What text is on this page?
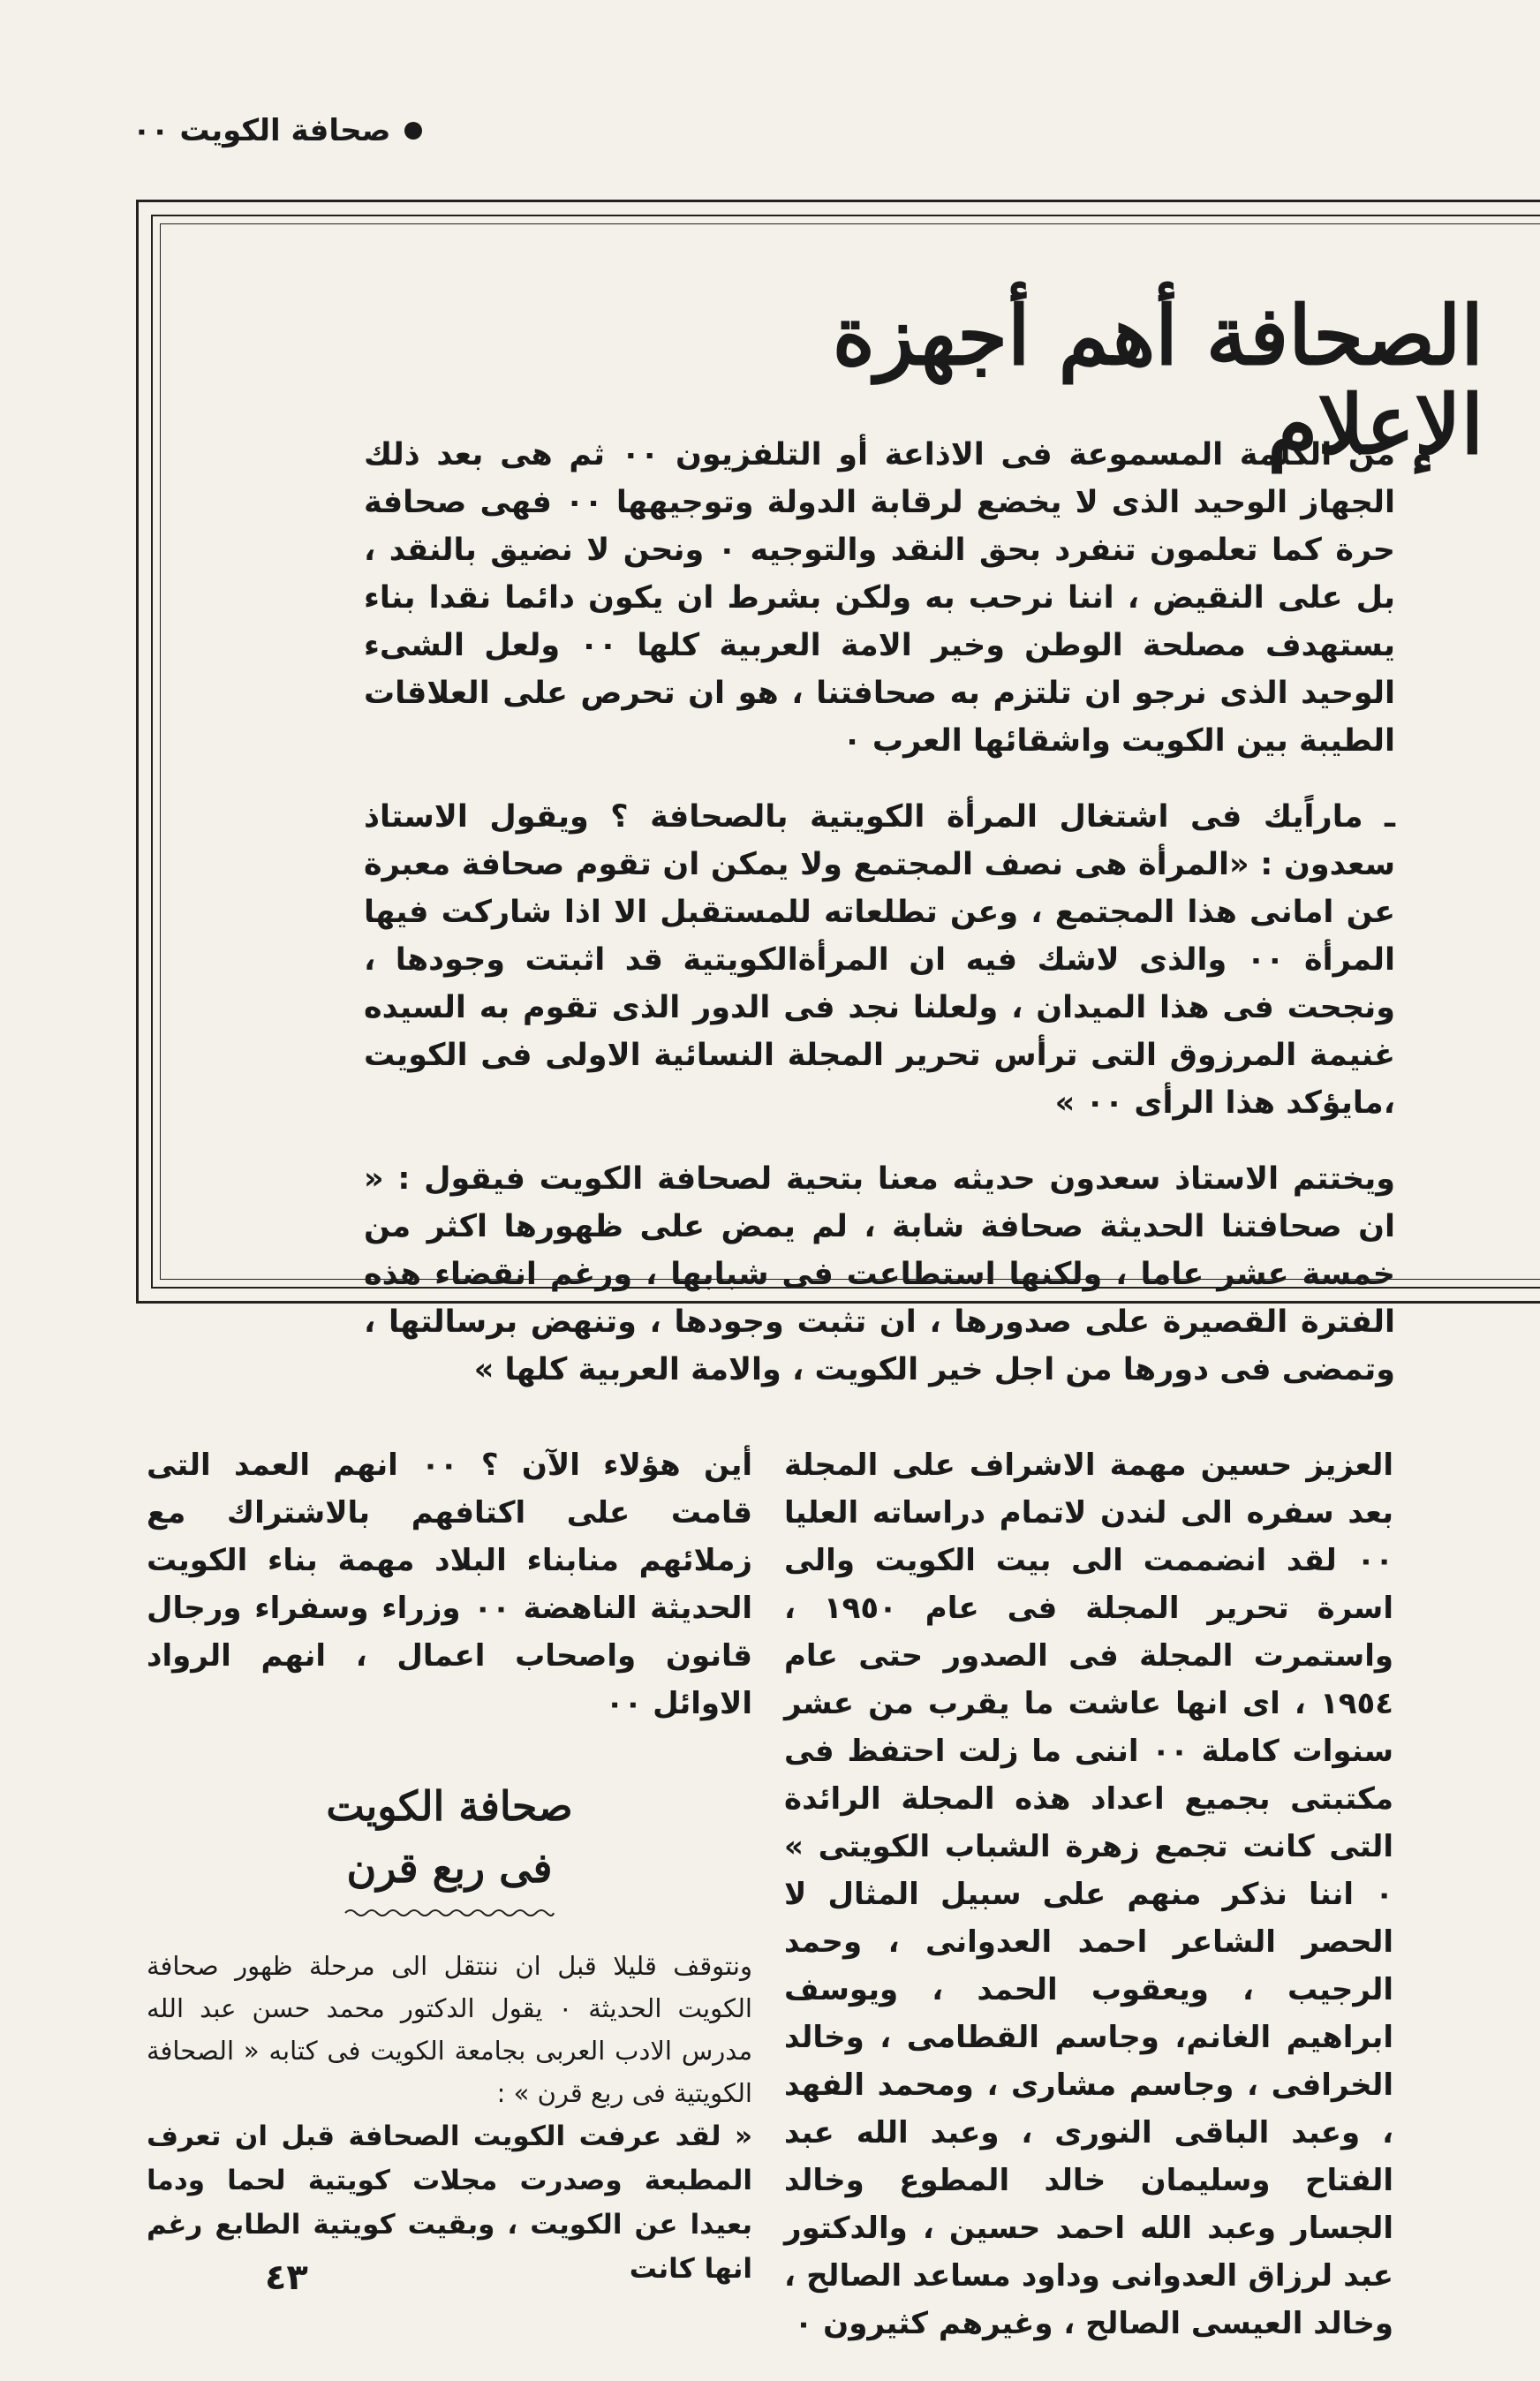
صحافة الكويت ٠٠
الصحافة أهم أجهزة الإعلام

من الكلمة المسموعة فى الاذاعة أو التلفزيون ٠٠ ثم هى بعد ذلك الجهاز الوحيد الذى لا يخضع لرقابة الدولة وتوجيهها ٠٠ فهى صحافة حرة كما تعلمون تنفرد بحق النقد والتوجيه ٠ ونحن لا نضيق بالنقد ، بل على النقيض ، اننا نرحب به ولكن بشرط ان يكون دائما نقدا بناء يستهدف مصلحة الوطن وخير الامة العربية كلها ٠٠ ولعل الشىء الوحيد الذى نرجو ان تلتزم به صحافتنا ، هو ان تحرص على العلاقات الطيبة بين الكويت واشقائها العرب ٠

ـ ماراًيك فى اشتغال المرأة الكويتية بالصحافة ؟ ويقول الاستاذ سعدون : «المرأة هى نصف المجتمع ولا يمكن ان تقوم صحافة معبرة عن امانى هذا المجتمع ، وعن تطلعاته للمستقبل الا اذا شاركت فيها المرأة ٠٠ والذى لاشك فيه ان المرأةالكويتية قد اثبتت وجودها ، ونجحت فى هذا الميدان ، ولعلنا نجد فى الدور الذى تقوم به السيده غنيمة المرزوق التى ترأس تحرير المجلة النسائية الاولى فى الكويت ،مايؤكد هذا الرأى ٠٠ »

ويختتم الاستاذ سعدون حديثه معنا بتحية لصحافة الكويت فيقول : « ان صحافتنا الحديثة صحافة شابة ، لم يمض على ظهورها اكثر من خمسة عشر عاما ، ولكنها استطاعت فى شبابها ، ورغم انقضاء هذه الفترة القصيرة على صدورها ، ان تثبت وجودها ، وتنهض برسالتها ، وتمضى فى دورها من اجل خير الكويت ، والامة العربية كلها »

العزيز حسين مهمة الاشراف على المجلة بعد سفره الى لندن لاتمام دراساته العليا ٠٠ لقد انضممت الى بيت الكويت والى اسرة تحرير المجلة فى عام ١٩٥٠ ، واستمرت المجلة فى الصدور حتى عام ١٩٥٤ ، اى انها عاشت ما يقرب من عشر سنوات كاملة ٠٠ اننى ما زلت احتفظ فى مكتبتى بجميع اعداد هذه المجلة الرائدة التى كانت تجمع زهرة الشباب الكويتى » ٠ اننا نذكر منهم على سبيل المثال لا الحصر الشاعر احمد العدوانى ، وحمد الرجيب ، ويعقوب الحمد ، ويوسف ابراهيم الغانم، وجاسم القطامى ، وخالد الخرافى ، وجاسم مشارى ، ومحمد الفهد ، وعبد الباقى النورى ، وعبد الله عبد الفتاح وسليمان خالد المطوع وخالد الجسار وعبد الله احمد حسين ، والدكتور عبد لرزاق العدوانى وداود مساعد الصالح ، وخالد العيسى الصالح ، وغيرهم كثيرون ٠

أين هؤلاء الآن ؟ ٠٠ انهم العمد التى قامت على اكتافهم بالاشتراك مع زملائهم منابناء البلاد مهمة بناء الكويت الحديثة الناهضة ٠٠ وزراء وسفراء ورجال قانون واصحاب اعمال ، انهم الرواد الاوائل ٠٠

صحافة الكويت
فى ربع قرن

ونتوقف قليلا قبل ان ننتقل الى مرحلة ظهور صحافة الكويت الحديثة ٠ يقول الدكتور محمد حسن عبد الله مدرس الادب العربى بجامعة الكويت فى كتابه « الصحافة الكويتية فى ربع قرن » :

« لقد عرفت الكويت الصحافة قبل ان تعرف المطبعة وصدرت مجلات كويتية لحما ودما بعيدا عن الكويت ، وبقيت كويتية الطابع رغم انها كانت

٤٣
